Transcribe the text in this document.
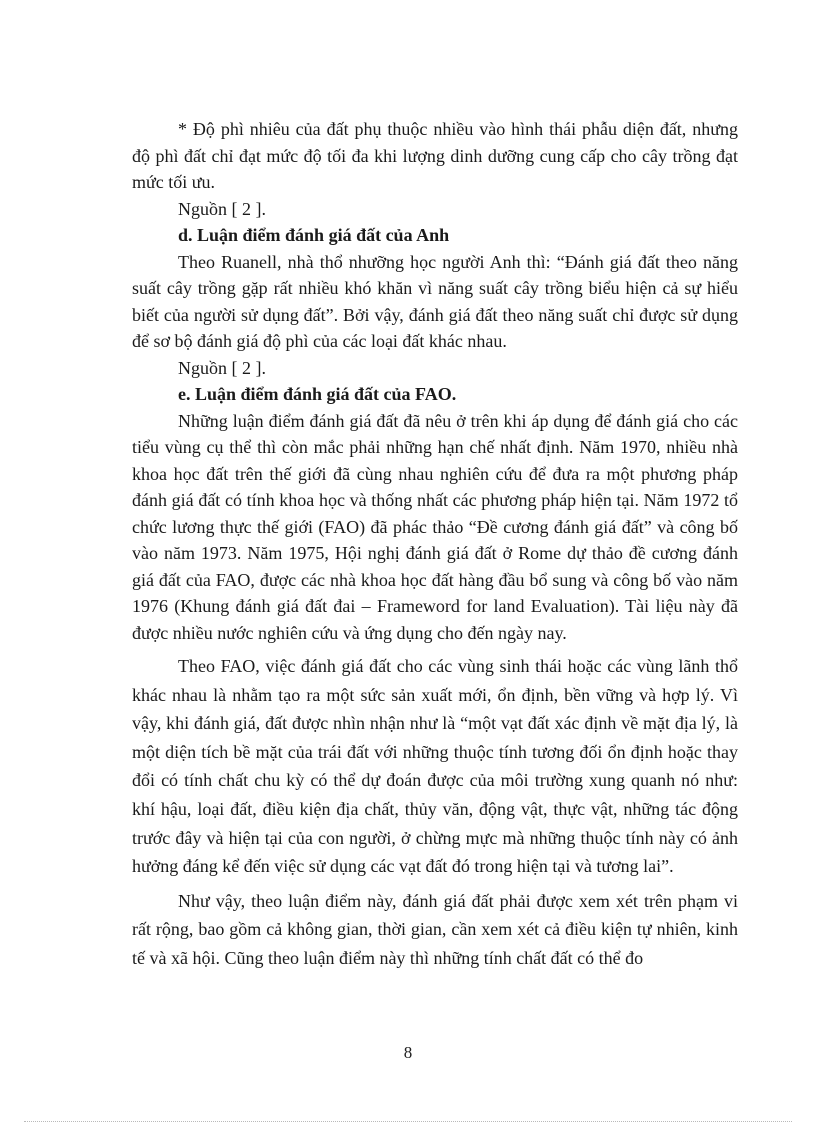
* Độ phì nhiêu của đất phụ thuộc nhiều vào hình thái phẫu diện đất, nhưng độ phì đất chỉ đạt mức độ tối đa khi lượng dinh dưỡng cung cấp cho cây trồng đạt mức tối ưu.

Nguồn [ 2 ].

d. Luận điểm đánh giá đất của Anh

Theo Ruanell, nhà thổ nhưỡng học người Anh thì: “Đánh giá đất theo năng suất cây trồng gặp rất nhiều khó khăn vì năng suất cây trồng biểu hiện cả sự hiểu biết của người sử dụng đất”. Bởi vậy, đánh giá đất theo năng suất chỉ được sử dụng để sơ bộ đánh giá độ phì của các loại đất khác nhau.

Nguồn [ 2 ].

e. Luận điểm đánh giá đất của FAO.

Những luận điểm đánh giá đất đã nêu ở trên khi áp dụng để đánh giá cho các tiểu vùng cụ thể thì còn mắc phải những hạn chế nhất định. Năm 1970, nhiều nhà khoa học đất trên thế giới đã cùng nhau nghiên cứu để đưa ra một phương pháp đánh giá đất có tính khoa học và thống nhất các phương pháp hiện tại. Năm 1972 tổ chức lương thực thế giới (FAO) đã phác thảo “Đề cương đánh giá đất” và công bố vào năm 1973. Năm 1975, Hội nghị đánh giá đất ở Rome dự thảo đề cương đánh giá đất của FAO, được các nhà khoa học đất hàng đầu bổ sung và công bố vào năm 1976 (Khung đánh giá đất đai – Frameword for land Evaluation). Tài liệu này đã được nhiều nước nghiên cứu và ứng dụng cho đến ngày nay.

Theo FAO, việc đánh giá đất cho các vùng sinh thái hoặc các vùng lãnh thổ khác nhau là nhằm tạo ra một sức sản xuất mới, ổn định, bền vững và hợp lý. Vì vậy, khi đánh giá, đất được nhìn nhận như là “một vạt đất xác định về mặt địa lý, là một diện tích bề mặt của trái đất với những thuộc tính tương đối ổn định hoặc thay đổi có tính chất chu kỳ có thể dự đoán được của môi trường xung quanh nó như: khí hậu, loại đất, điều kiện địa chất, thủy văn, động vật, thực vật, những tác động trước đây và hiện tại của con người, ở chừng mực mà những thuộc tính này có ảnh hưởng đáng kể đến việc sử dụng các vạt đất đó trong hiện tại và tương lai”.

Như vậy, theo luận điểm này, đánh giá đất phải được xem xét trên phạm vi rất rộng, bao gồm cả không gian, thời gian, cần xem xét cả điều kiện tự nhiên, kinh tế và xã hội. Cũng theo luận điểm này thì những tính chất đất có thể đo

8
